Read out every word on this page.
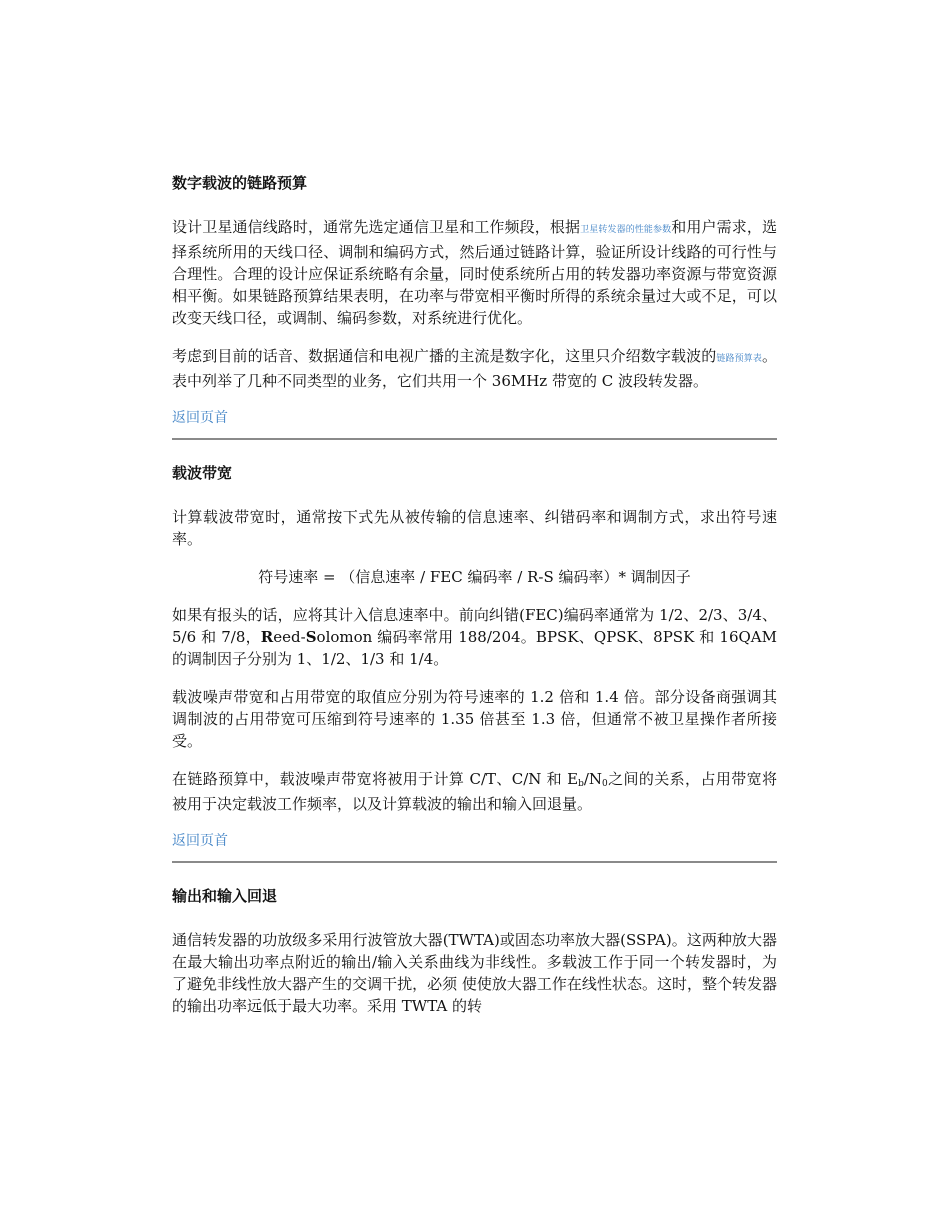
数字载波的链路预算

设计卫星通信线路时，通常先选定通信卫星和工作频段，根据卫星转发器的性能参数和用户需求，选择系统所用的天线口径、调制和编码方式，然后通过链路计算，验证所设计线路的可行性与合理性。合理的设计应保证系统略有余量，同时使系统所占用的转发器功率资源与带宽资源相平衡。如果链路预算结果表明，在功率与带宽相平衡时所得的系统余量过大或不足，可以改变天线口径，或调制、编码参数，对系统进行优化。

考虑到目前的话音、数据通信和电视广播的主流是数字化，这里只介绍数字载波的链路预算表。表中列举了几种不同类型的业务，它们共用一个 36MHz 带宽的 C 波段转发器。

返回页首
载波带宽

计算载波带宽时，通常按下式先从被传输的信息速率、纠错码率和调制方式，求出符号速率。

符号速率 = （信息速率 / FEC 编码率 / R-S 编码率）* 调制因子

如果有报头的话，应将其计入信息速率中。前向纠错(FEC)编码率通常为 1/2、2/3、3/4、5/6 和 7/8，Reed-Solomon 编码率常用 188/204。BPSK、QPSK、8PSK 和 16QAM 的调制因子分别为 1、1/2、1/3 和 1/4。

载波噪声带宽和占用带宽的取值应分别为符号速率的 1.2 倍和 1.4 倍。部分设备商强调其调制波的占用带宽可压缩到符号速率的 1.35 倍甚至 1.3 倍，但通常不被卫星操作者所接受。

在链路预算中，载波噪声带宽将被用于计算 C/T、C/N 和 $E_b/N_0$之间的关系，占用带宽将被用于决定载波工作频率，以及计算载波的输出和输入回退量。

返回页首
输出和输入回退

通信转发器的功放级多采用行波管放大器(TWTA)或固态功率放大器(SSPA)。这两种放大器在最大输出功率点附近的输出/输入关系曲线为非线性。多载波工作于同一个转发器时，为了避免非线性放大器产生的交调干扰，必须 使使放大器工作在线性状态。这时，整个转发器的输出功率远低于最大功率。采用 TWTA 的转
